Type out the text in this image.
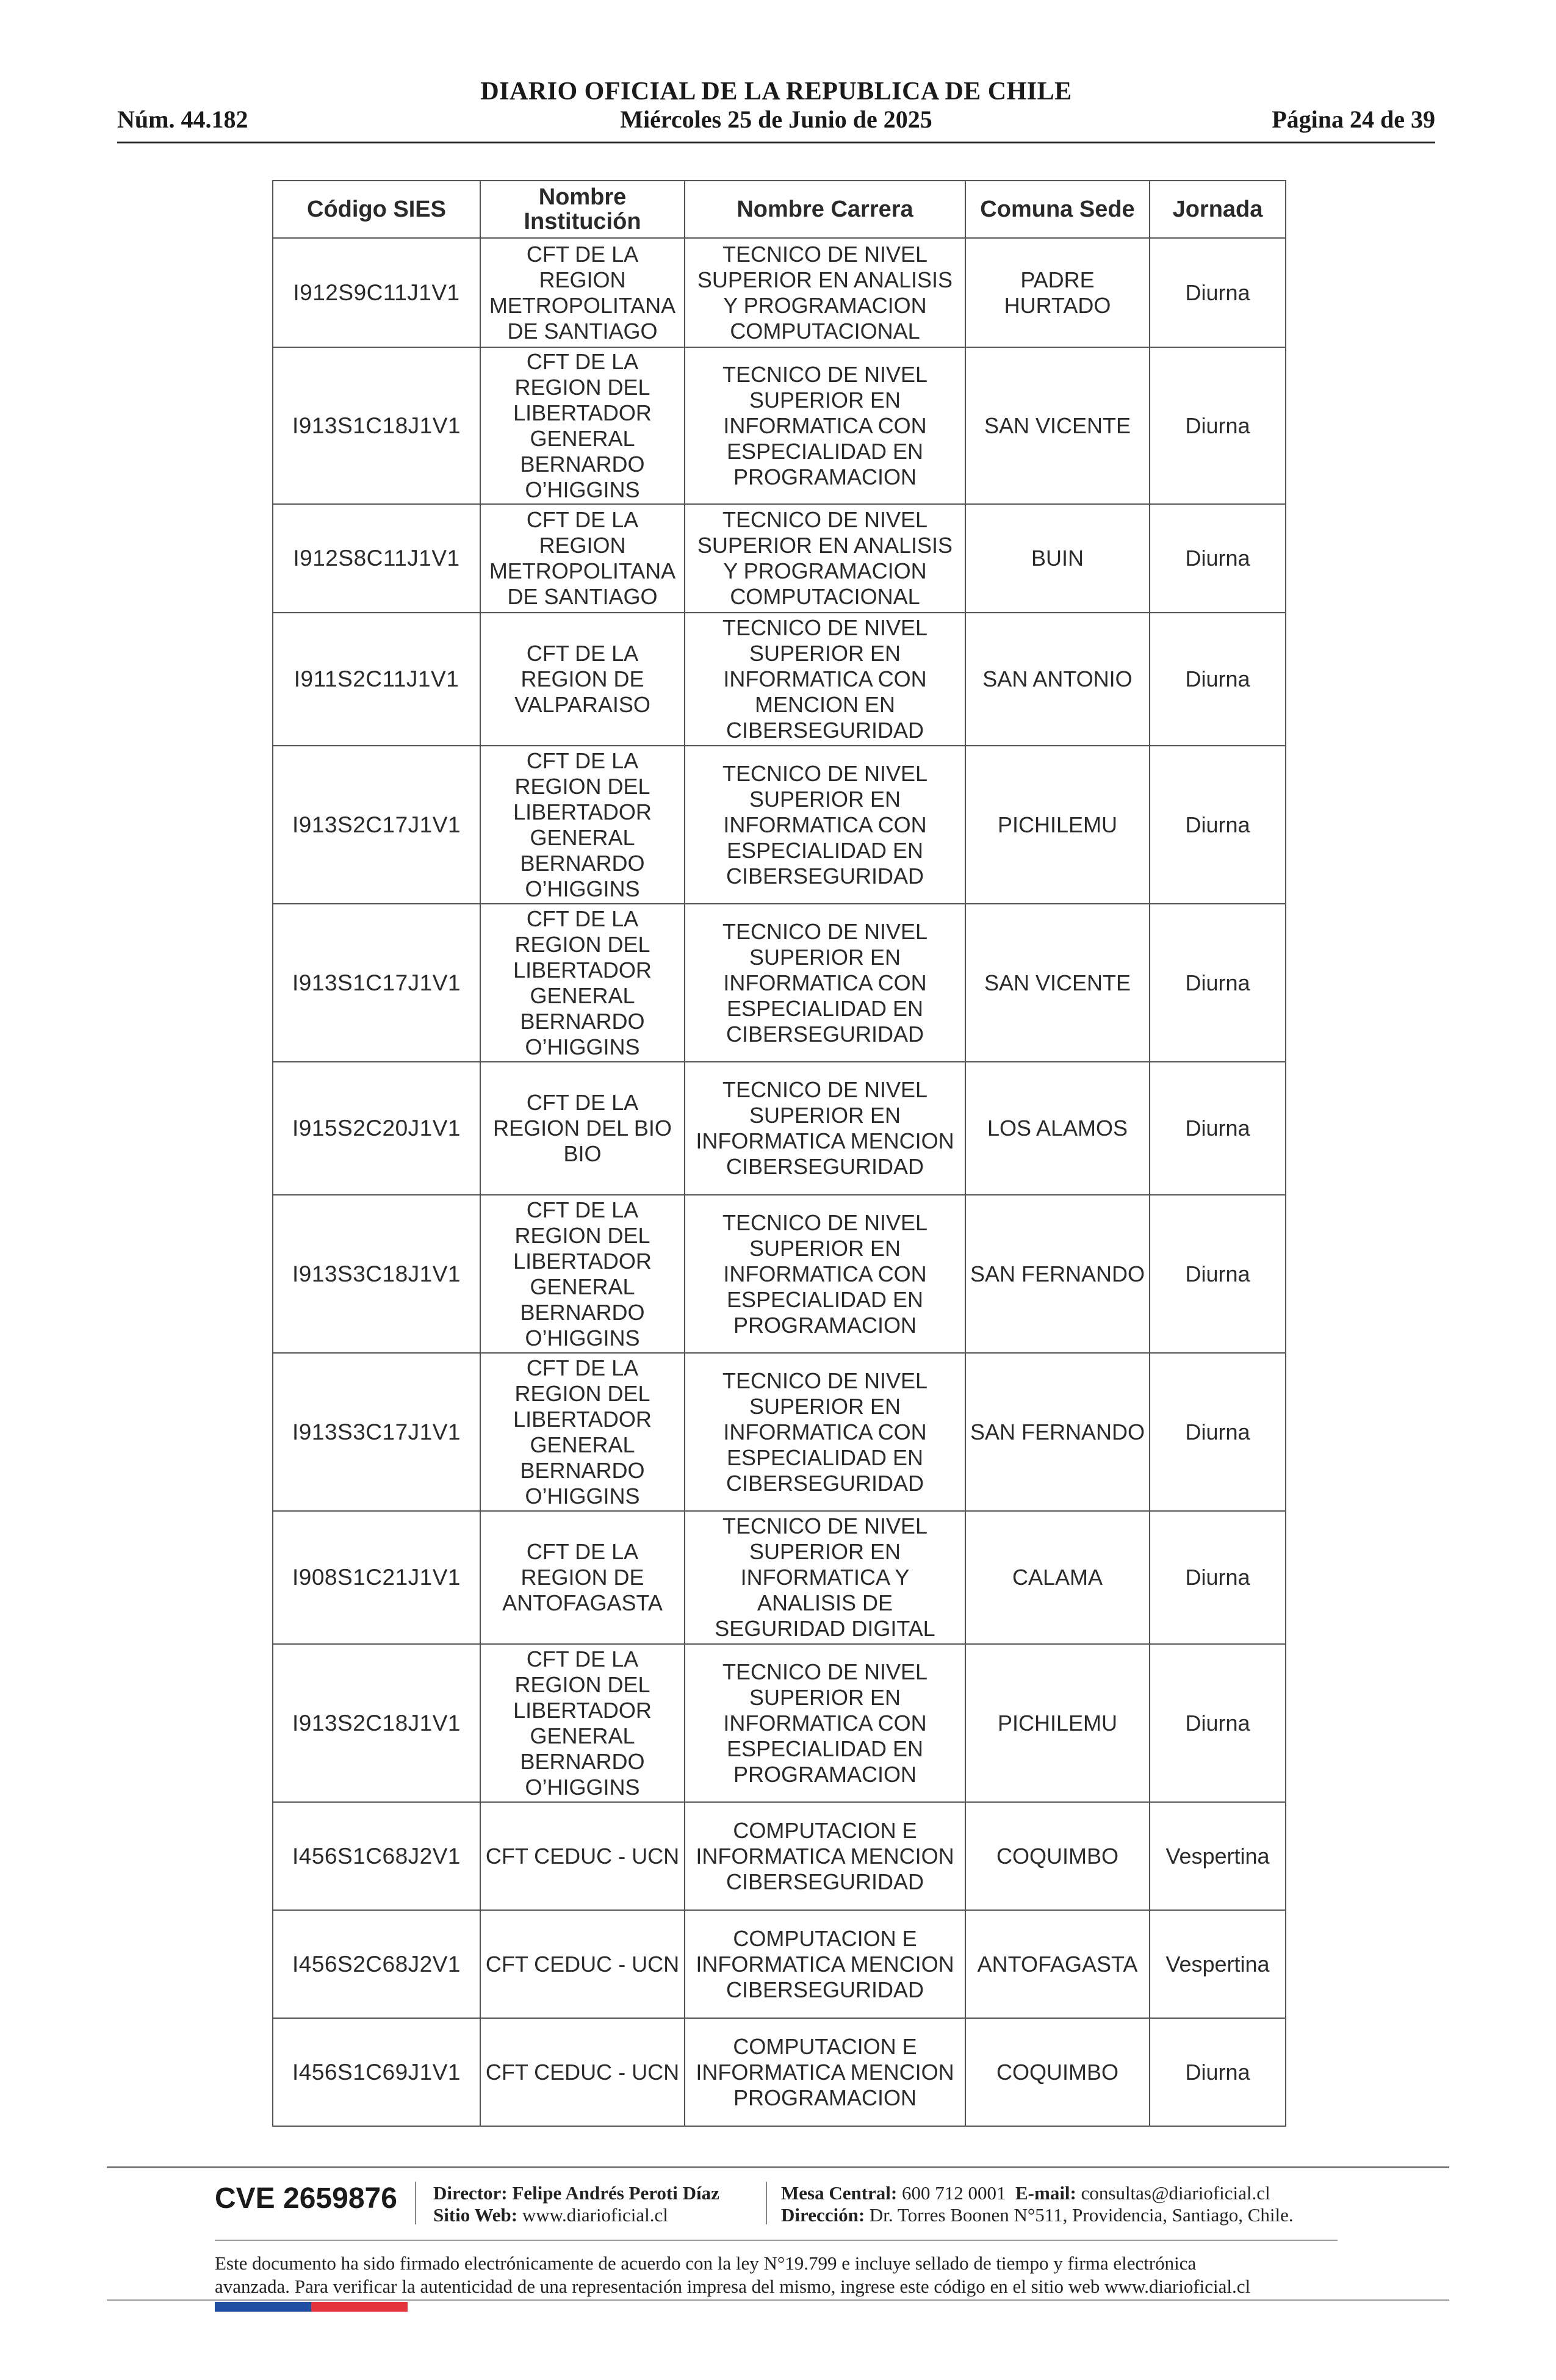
DIARIO OFICIAL DE LA REPUBLICA DE CHILE
Núm. 44.182	Miércoles 25 de Junio de 2025	Página 24 de 39
Código SIES	Nombre Institución	Nombre Carrera	Comuna Sede	Jornada
I912S9C11J1V1	CFT DE LA REGION METROPOLITANA DE SANTIAGO	TECNICO DE NIVEL SUPERIOR EN ANALISIS Y PROGRAMACION COMPUTACIONAL	PADRE HURTADO	Diurna
I913S1C18J1V1	CFT DE LA REGION DEL LIBERTADOR GENERAL BERNARDO O’HIGGINS	TECNICO DE NIVEL SUPERIOR EN INFORMATICA CON ESPECIALIDAD EN PROGRAMACION	SAN VICENTE	Diurna
I912S8C11J1V1	CFT DE LA REGION METROPOLITANA DE SANTIAGO	TECNICO DE NIVEL SUPERIOR EN ANALISIS Y PROGRAMACION COMPUTACIONAL	BUIN	Diurna
I911S2C11J1V1	CFT DE LA REGION DE VALPARAISO	TECNICO DE NIVEL SUPERIOR EN INFORMATICA CON MENCION EN CIBERSEGURIDAD	SAN ANTONIO	Diurna
I913S2C17J1V1	CFT DE LA REGION DEL LIBERTADOR GENERAL BERNARDO O’HIGGINS	TECNICO DE NIVEL SUPERIOR EN INFORMATICA CON ESPECIALIDAD EN CIBERSEGURIDAD	PICHILEMU	Diurna
I913S1C17J1V1	CFT DE LA REGION DEL LIBERTADOR GENERAL BERNARDO O’HIGGINS	TECNICO DE NIVEL SUPERIOR EN INFORMATICA CON ESPECIALIDAD EN CIBERSEGURIDAD	SAN VICENTE	Diurna
I915S2C20J1V1	CFT DE LA REGION DEL BIO BIO	TECNICO DE NIVEL SUPERIOR EN INFORMATICA MENCION CIBERSEGURIDAD	LOS ALAMOS	Diurna
I913S3C18J1V1	CFT DE LA REGION DEL LIBERTADOR GENERAL BERNARDO O’HIGGINS	TECNICO DE NIVEL SUPERIOR EN INFORMATICA CON ESPECIALIDAD EN PROGRAMACION	SAN FERNANDO	Diurna
I913S3C17J1V1	CFT DE LA REGION DEL LIBERTADOR GENERAL BERNARDO O’HIGGINS	TECNICO DE NIVEL SUPERIOR EN INFORMATICA CON ESPECIALIDAD EN CIBERSEGURIDAD	SAN FERNANDO	Diurna
I908S1C21J1V1	CFT DE LA REGION DE ANTOFAGASTA	TECNICO DE NIVEL SUPERIOR EN INFORMATICA Y ANALISIS DE SEGURIDAD DIGITAL	CALAMA	Diurna
I913S2C18J1V1	CFT DE LA REGION DEL LIBERTADOR GENERAL BERNARDO O’HIGGINS	TECNICO DE NIVEL SUPERIOR EN INFORMATICA CON ESPECIALIDAD EN PROGRAMACION	PICHILEMU	Diurna
I456S1C68J2V1	CFT CEDUC - UCN	COMPUTACION E INFORMATICA MENCION CIBERSEGURIDAD	COQUIMBO	Vespertina
I456S2C68J2V1	CFT CEDUC - UCN	COMPUTACION E INFORMATICA MENCION CIBERSEGURIDAD	ANTOFAGASTA	Vespertina
I456S1C69J1V1	CFT CEDUC - UCN	COMPUTACION E INFORMATICA MENCION PROGRAMACION	COQUIMBO	Diurna
CVE 2659876 Director: Felipe Andrés Peroti Díaz
Sitio Web: www.diarioficial.cl
Mesa Central: 600 712 0001 E-mail: consultas@diarioficial.cl
Dirección: Dr. Torres Boonen N°511, Providencia, Santiago, Chile.
Este documento ha sido firmado electrónicamente de acuerdo con la ley N°19.799 e incluye sellado de tiempo y firma electrónica
avanzada. Para verificar la autenticidad de una representación impresa del mismo, ingrese este código en el sitio web www.diarioficial.cl
